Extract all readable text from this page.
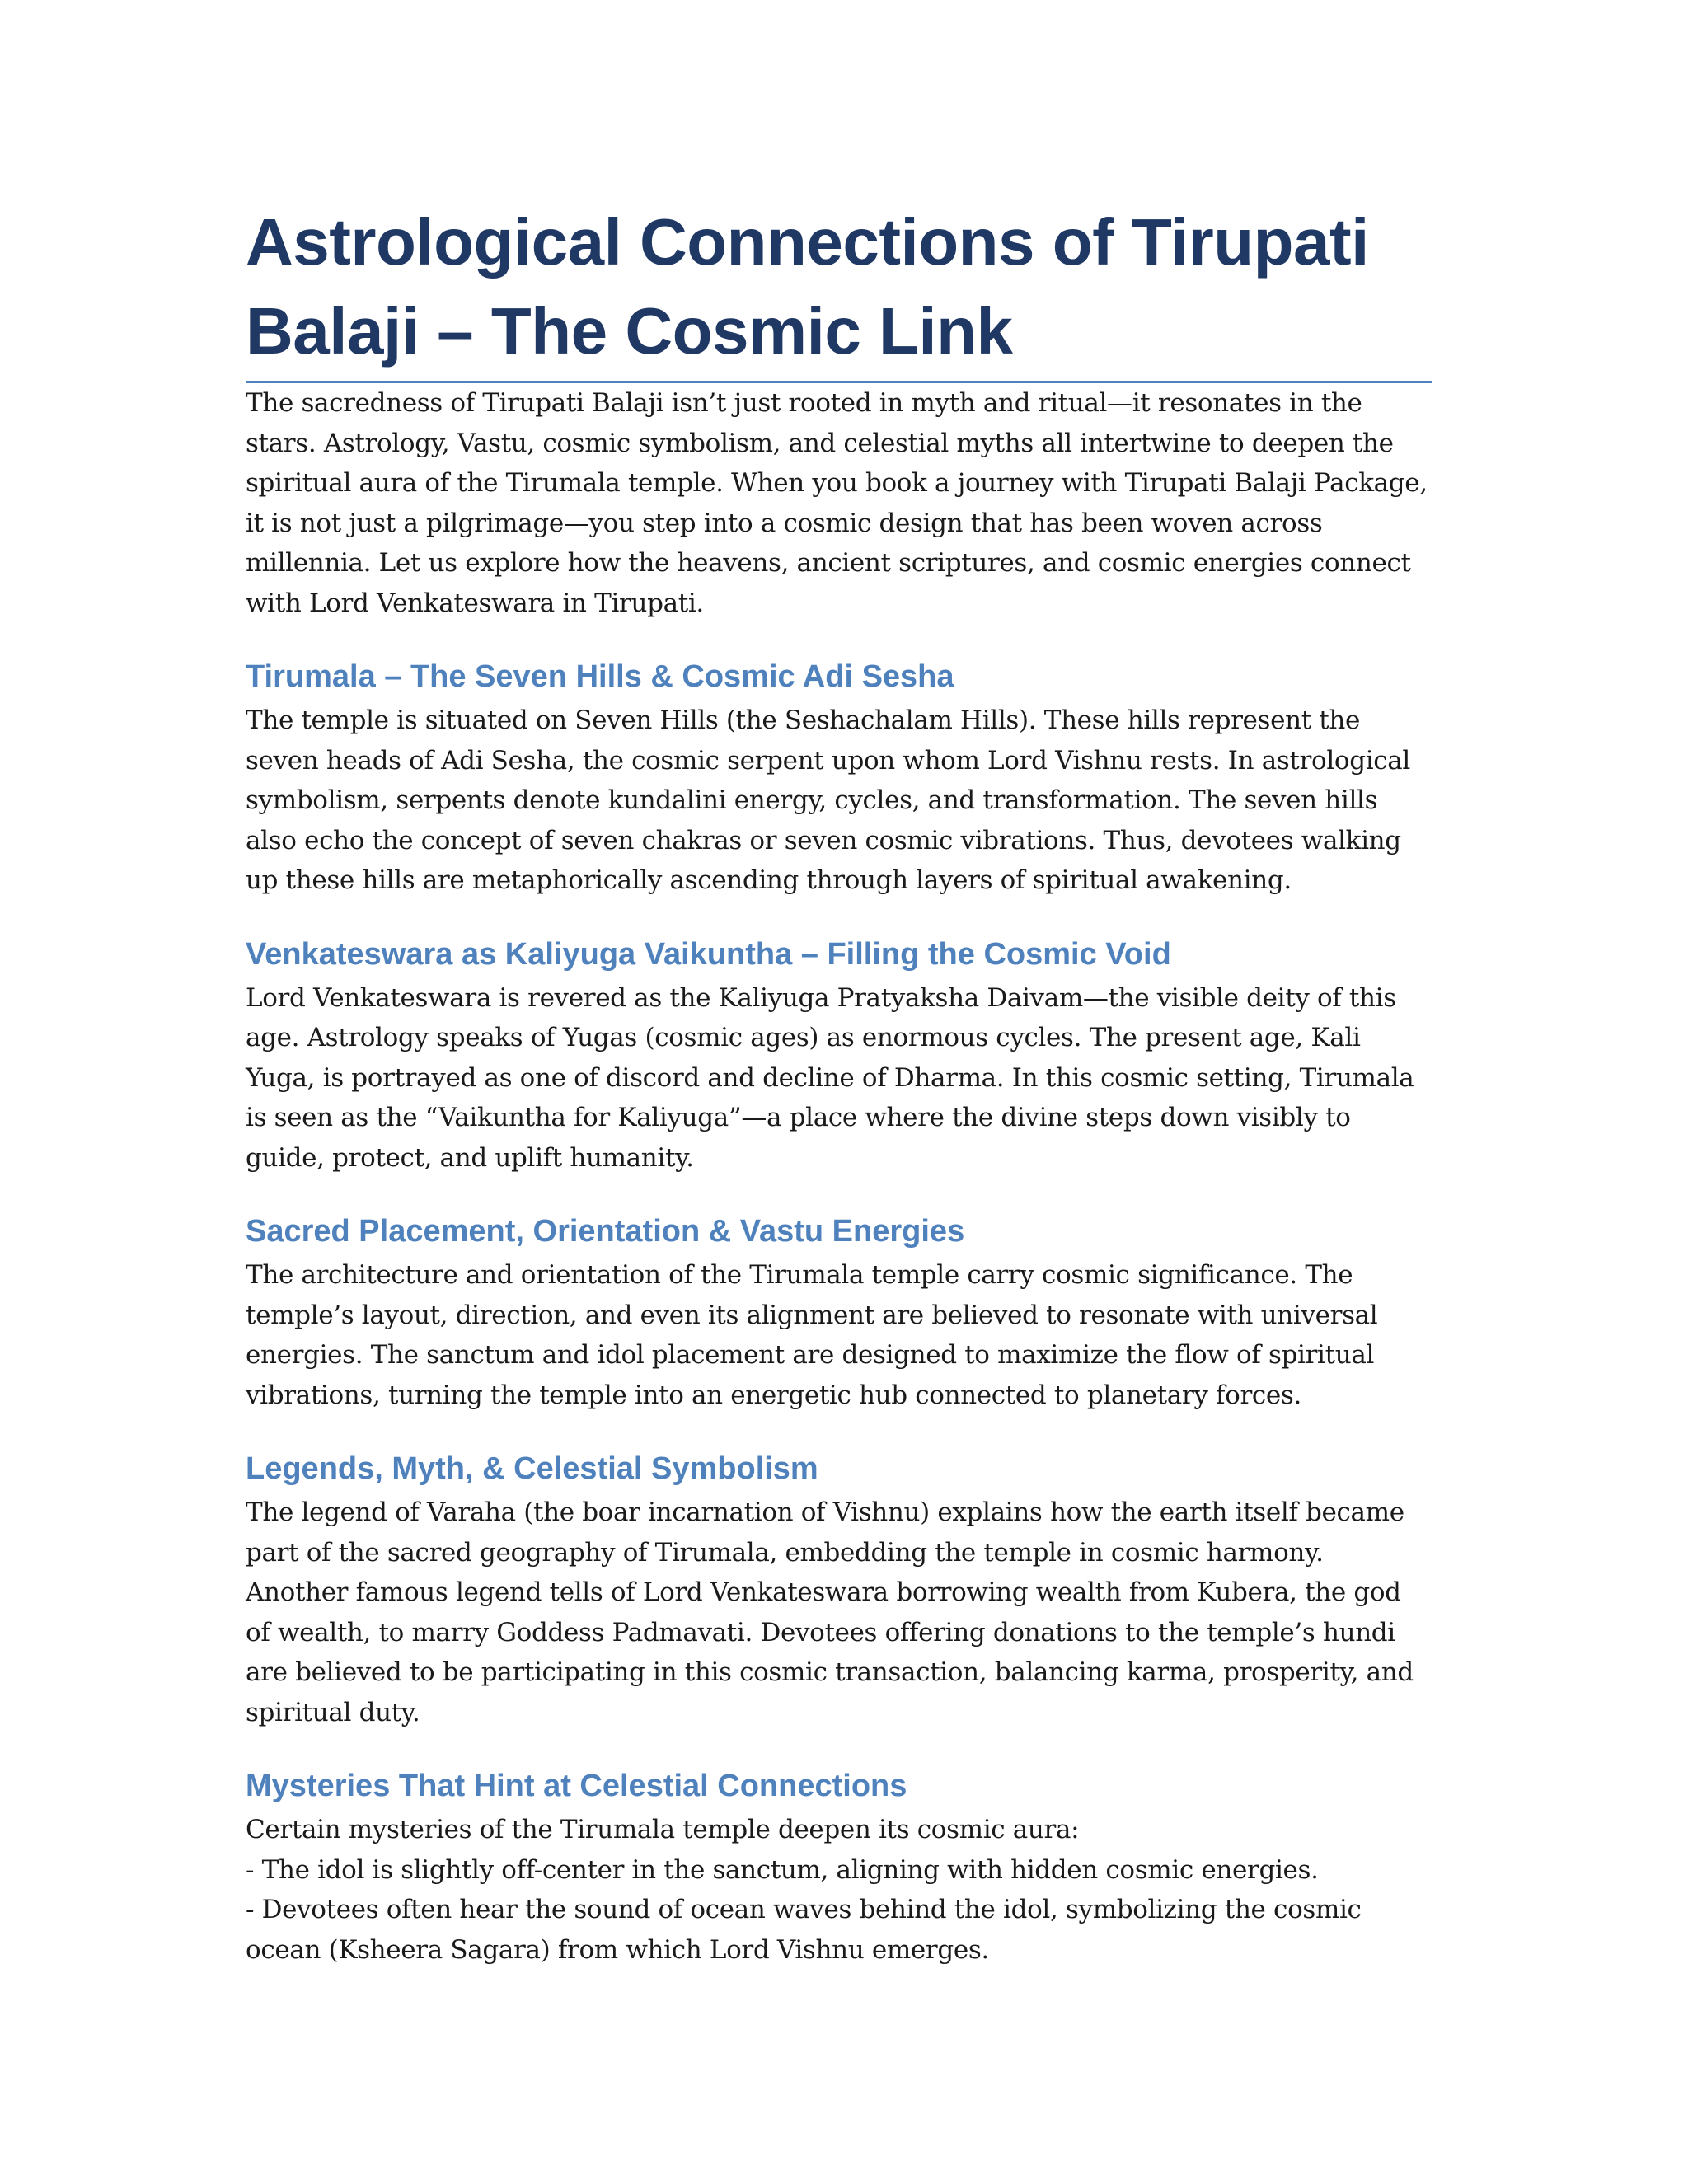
Astrological Connections of Tirupati Balaji – The Cosmic Link

The sacredness of Tirupati Balaji isn’t just rooted in myth and ritual—it resonates in the stars. Astrology, Vastu, cosmic symbolism, and celestial myths all intertwine to deepen the spiritual aura of the Tirumala temple. When you book a journey with Tirupati Balaji Package, it is not just a pilgrimage—you step into a cosmic design that has been woven across millennia. Let us explore how the heavens, ancient scriptures, and cosmic energies connect with Lord Venkateswara in Tirupati.

Tirumala – The Seven Hills & Cosmic Adi Sesha

The temple is situated on Seven Hills (the Seshachalam Hills). These hills represent the seven heads of Adi Sesha, the cosmic serpent upon whom Lord Vishnu rests. In astrological symbolism, serpents denote kundalini energy, cycles, and transformation. The seven hills also echo the concept of seven chakras or seven cosmic vibrations. Thus, devotees walking up these hills are metaphorically ascending through layers of spiritual awakening.

Venkateswara as Kaliyuga Vaikuntha – Filling the Cosmic Void

Lord Venkateswara is revered as the Kaliyuga Pratyaksha Daivam—the visible deity of this age. Astrology speaks of Yugas (cosmic ages) as enormous cycles. The present age, Kali Yuga, is portrayed as one of discord and decline of Dharma. In this cosmic setting, Tirumala is seen as the “Vaikuntha for Kaliyuga”—a place where the divine steps down visibly to guide, protect, and uplift humanity.

Sacred Placement, Orientation & Vastu Energies

The architecture and orientation of the Tirumala temple carry cosmic significance. The temple’s layout, direction, and even its alignment are believed to resonate with universal energies. The sanctum and idol placement are designed to maximize the flow of spiritual vibrations, turning the temple into an energetic hub connected to planetary forces.

Legends, Myth, & Celestial Symbolism

The legend of Varaha (the boar incarnation of Vishnu) explains how the earth itself became part of the sacred geography of Tirumala, embedding the temple in cosmic harmony. Another famous legend tells of Lord Venkateswara borrowing wealth from Kubera, the god of wealth, to marry Goddess Padmavati. Devotees offering donations to the temple’s hundi are believed to be participating in this cosmic transaction, balancing karma, prosperity, and spiritual duty.

Mysteries That Hint at Celestial Connections

Certain mysteries of the Tirumala temple deepen its cosmic aura:
- The idol is slightly off-center in the sanctum, aligning with hidden cosmic energies.
- Devotees often hear the sound of ocean waves behind the idol, symbolizing the cosmic ocean (Ksheera Sagara) from which Lord Vishnu emerges.
